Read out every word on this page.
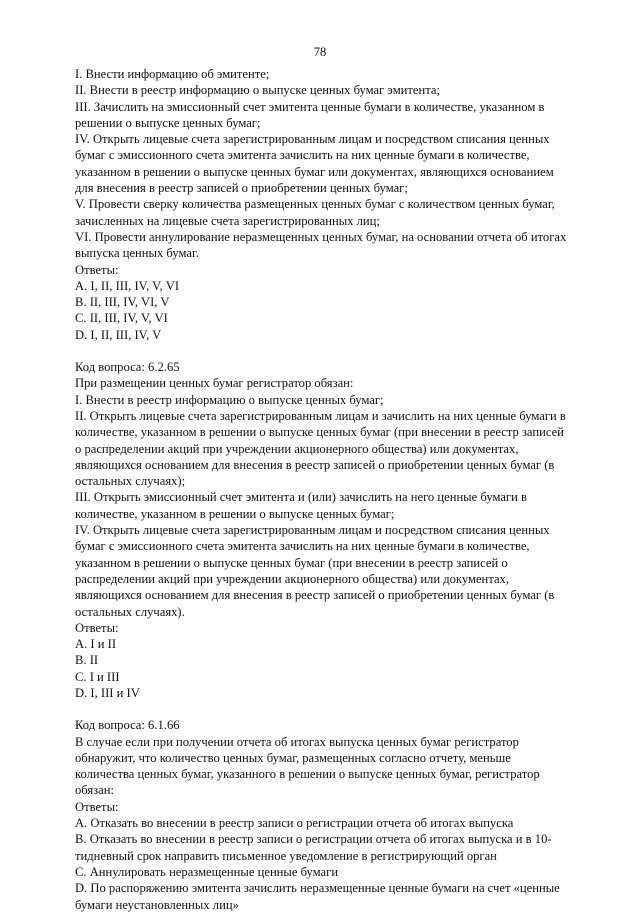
78
I. Внести информацию об эмитенте;
II. Внести в реестр информацию о выпуске ценных бумаг эмитента;
III. Зачислить на эмиссионный счет эмитента ценные бумаги в количестве, указанном в
решении о выпуске ценных бумаг;
IV. Открыть лицевые счета зарегистрированным лицам и посредством списания ценных
бумаг с эмиссионного счета эмитента зачислить на них ценные бумаги в количестве,
указанном в решении о выпуске ценных бумаг или документах, являющихся основанием
для внесения в реестр записей о приобретении ценных бумаг;
V. Провести сверку количества размещенных ценных бумаг с количеством ценных бумаг,
зачисленных на лицевые счета зарегистрированных лиц;
VI. Провести аннулирование неразмещенных ценных бумаг, на основании отчета об итогах
выпуска ценных бумаг.
Ответы:
A. I, II, III, IV, V, VI
B. II, III, IV, VI, V
C. II, III, IV, V, VI
D. I, II, III, IV, V
Код вопроса: 6.2.65
При размещении ценных бумаг регистратор обязан:
I. Внести в реестр информацию о выпуске ценных бумаг;
II. Открыть лицевые счета зарегистрированным лицам и зачислить на них ценные бумаги в
количестве, указанном в решении о выпуске ценных бумаг (при внесении в реестр записей
о распределении акций при учреждении акционерного общества) или документах,
являющихся основанием для внесения в реестр записей о приобретении ценных бумаг (в
остальных случаях);
III. Открыть эмиссионный счет эмитента и (или) зачислить на него ценные бумаги в
количестве, указанном в решении о выпуске ценных бумаг;
IV. Открыть лицевые счета зарегистрированным лицам и посредством списания ценных
бумаг с эмиссионного счета эмитента зачислить на них ценные бумаги в количестве,
указанном в решении о выпуске ценных бумаг (при внесении в реестр записей о
распределении акций при учреждении акционерного общества) или документах,
являющихся основанием для внесения в реестр записей о приобретении ценных бумаг (в
остальных случаях).
Ответы:
A. I и II
B. II
C. I и III
D. I, III и IV
Код вопроса: 6.1.66
В случае если при получении отчета об итогах выпуска ценных бумаг регистратор
обнаружит, что количество ценных бумаг, размещенных согласно отчету, меньше
количества ценных бумаг, указанного в решении о выпуске ценных бумаг, регистратор
обязан:
Ответы:
A. Отказать во внесении в реестр записи о регистрации отчета об итогах выпуска
B. Отказать во внесении в реестр записи о регистрации отчета об итогах выпуска и в 10-
тидневный срок направить письменное уведомление в регистрирующий орган
C. Аннулировать неразмещенные ценные бумаги
D. По распоряжению эмитента зачислить неразмещенные ценные бумаги на счет «ценные
бумаги неустановленных лиц»
